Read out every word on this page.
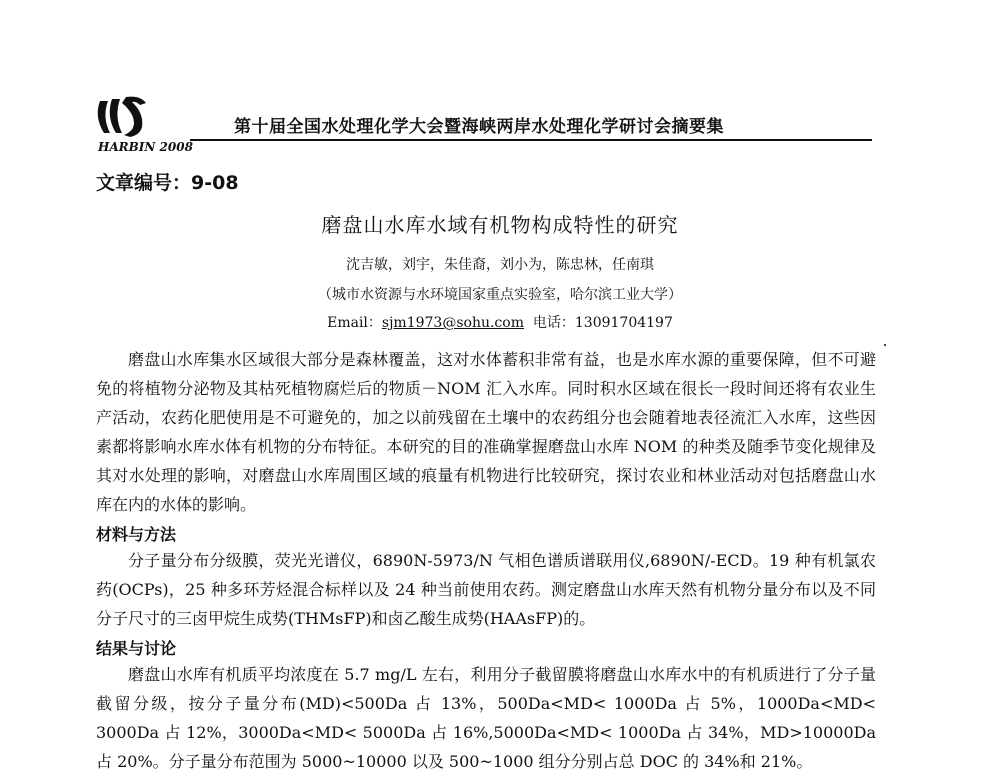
HARBIN 2008
第十届全国水处理化学大会暨海峡两岸水处理化学研讨会摘要集
文章编号：9-08
磨盘山水库水域有机物构成特性的研究
沈吉敏，刘宇，朱佳裔，刘小为，陈忠林，任南琪
（城市水资源与水环境国家重点实验室，哈尔滨工业大学）
Email：sjm1973@sohu.com 电话：13091704197

磨盘山水库集水区域很大部分是森林覆盖，这对水体蓄积非常有益，也是水库水源的重要保障，但不可避免的将植物分泌物及其枯死植物腐烂后的物质－NOM 汇入水库。同时积水区域在很长一段时间还将有农业生产活动，农药化肥使用是不可避免的，加之以前残留在土壤中的农药组分也会随着地表径流汇入水库，这些因素都将影响水库水体有机物的分布特征。本研究的目的准确掌握磨盘山水库 NOM 的种类及随季节变化规律及其对水处理的影响，对磨盘山水库周围区域的痕量有机物进行比较研究，探讨农业和林业活动对包括磨盘山水库在内的水体的影响。

材料与方法

分子量分布分级膜，荧光光谱仪，6890N-5973/N 气相色谱质谱联用仪,6890N/-ECD。19 种有机氯农药(OCPs)，25 种多环芳烃混合标样以及 24 种当前使用农药。测定磨盘山水库天然有机物分量分布以及不同分子尺寸的三卤甲烷生成势(THMsFP)和卤乙酸生成势(HAAsFP)的。

结果与讨论

磨盘山水库有机质平均浓度在 5.7 mg/L 左右，利用分子截留膜将磨盘山水库水中的有机质进行了分子量截留分级，按分子量分布(MD)<500Da 占 13%，500Da<MD< 1000Da 占 5%，1000Da<MD< 3000Da 占 12%，3000Da<MD< 5000Da 占 16%,5000Da<MD< 1000Da 占 34%，MD>10000Da 占 20%。分子量分布范围为 5000~10000 以及 500~1000 组分分别占总 DOC 的 34%和 21%。
